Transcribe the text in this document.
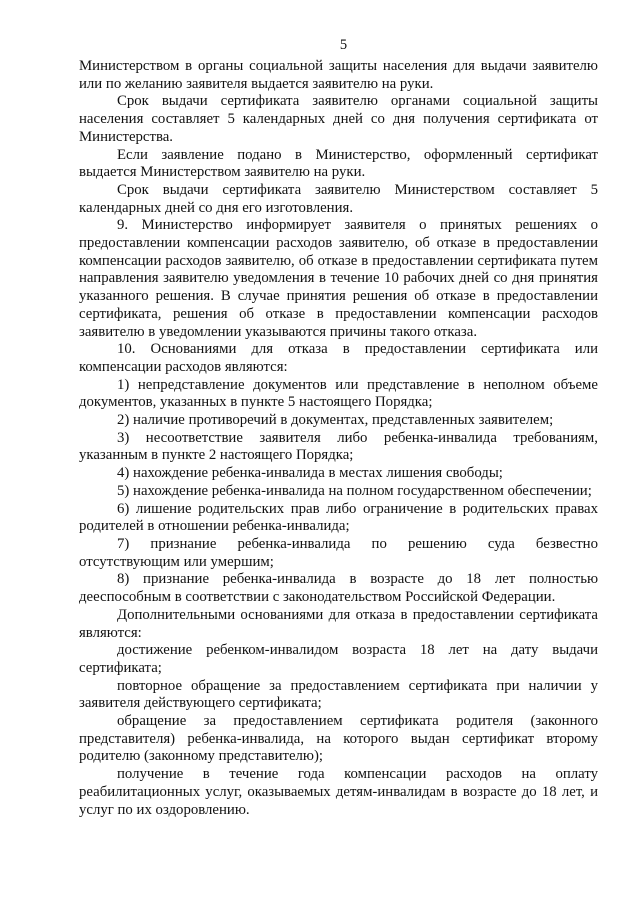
5

Министерством в органы социальной защиты населения для выдачи заявителю или по желанию заявителя выдается заявителю на руки.

Срок выдачи сертификата заявителю органами социальной защиты населения составляет 5 календарных дней со дня получения сертификата от Министерства.

Если заявление подано в Министерство, оформленный сертификат выдается Министерством заявителю на руки.

Срок выдачи сертификата заявителю Министерством составляет 5 календарных дней со дня его изготовления.

9. Министерство информирует заявителя о принятых решениях о предоставлении компенсации расходов заявителю, об отказе в предоставлении компенсации расходов заявителю, об отказе в предоставлении сертификата путем направления заявителю уведомления в течение 10 рабочих дней со дня принятия указанного решения. В случае принятия решения об отказе в предоставлении сертификата, решения об отказе в предоставлении компенсации расходов заявителю в уведомлении указываются причины такого отказа.

10. Основаниями для отказа в предоставлении сертификата или компенсации расходов являются:

1) непредставление документов или представление в неполном объеме документов, указанных в пункте 5 настоящего Порядка;

2) наличие противоречий в документах, представленных заявителем;

3) несоответствие заявителя либо ребенка-инвалида требованиям, указанным в пункте 2 настоящего Порядка;

4) нахождение ребенка-инвалида в местах лишения свободы;

5) нахождение ребенка-инвалида на полном государственном обеспечении;

6) лишение родительских прав либо ограничение в родительских правах родителей в отношении ребенка-инвалида;

7) признание ребенка-инвалида по решению суда безвестно отсутствующим или умершим;

8) признание ребенка-инвалида в возрасте до 18 лет полностью дееспособным в соответствии с законодательством Российской Федерации.

Дополнительными основаниями для отказа в предоставлении сертификата являются:

достижение ребенком-инвалидом возраста 18 лет на дату выдачи сертификата;

повторное обращение за предоставлением сертификата при наличии у заявителя действующего сертификата;

обращение за предоставлением сертификата родителя (законного представителя) ребенка-инвалида, на которого выдан сертификат второму родителю (законному представителю);

получение в течение года компенсации расходов на оплату реабилитационных услуг, оказываемых детям-инвалидам в возрасте до 18 лет, и услуг по их оздоровлению.
